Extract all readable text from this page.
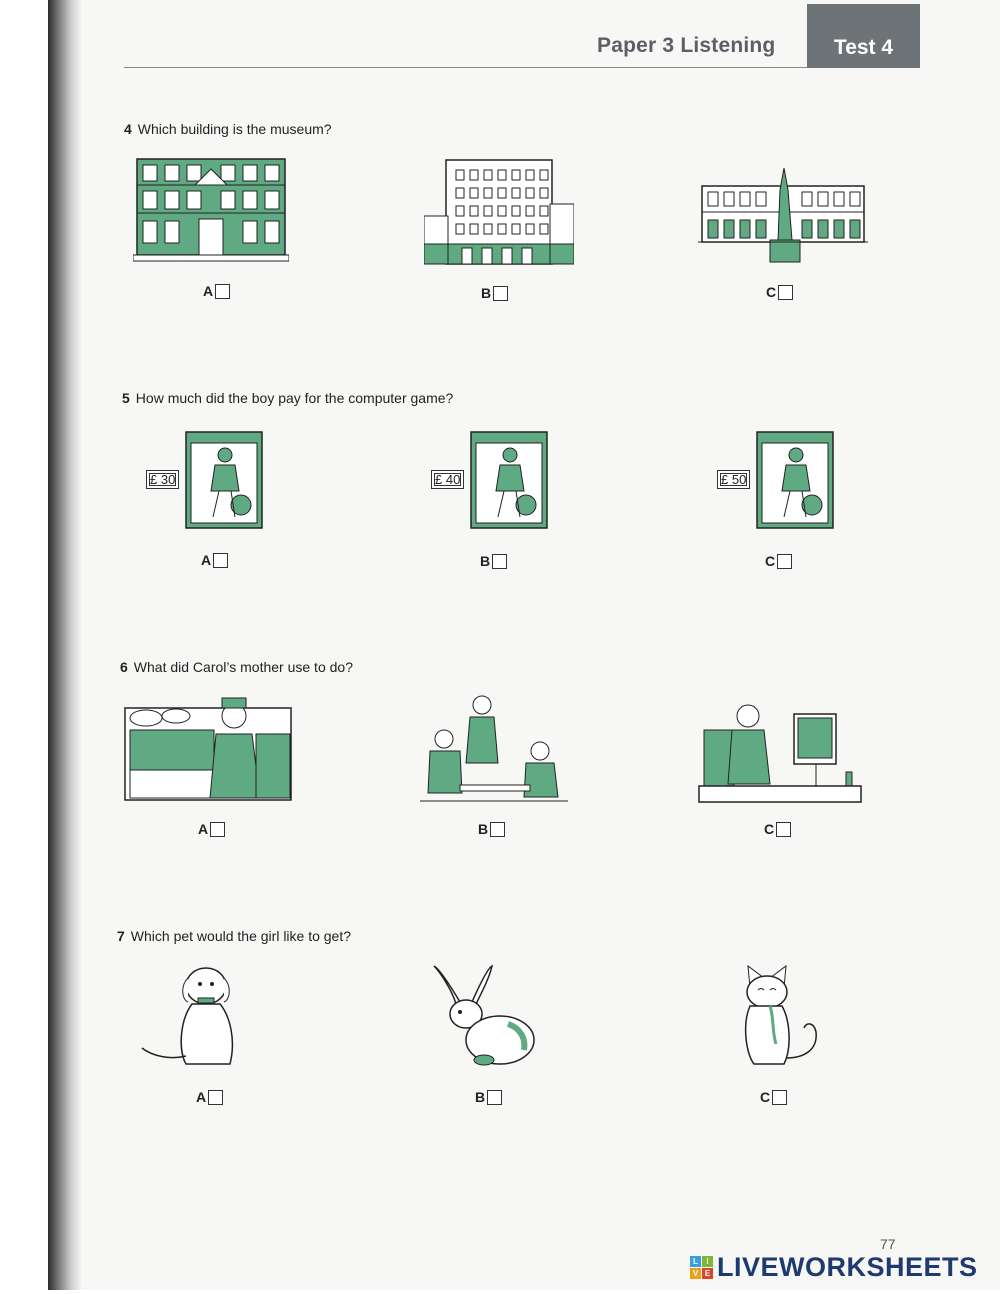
Paper 3 Listening	Test 4
4 Which building is the museum?
A	B	C
5 How much did the boy pay for the computer game?
£ 30
A
£ 40
B
£ 50
C
6 What did Carol’s mother use to do?
A	B	C
7 Which pet would the girl like to get?
A	B	C
77
L	I
V E LIVEWORKSHEETS
